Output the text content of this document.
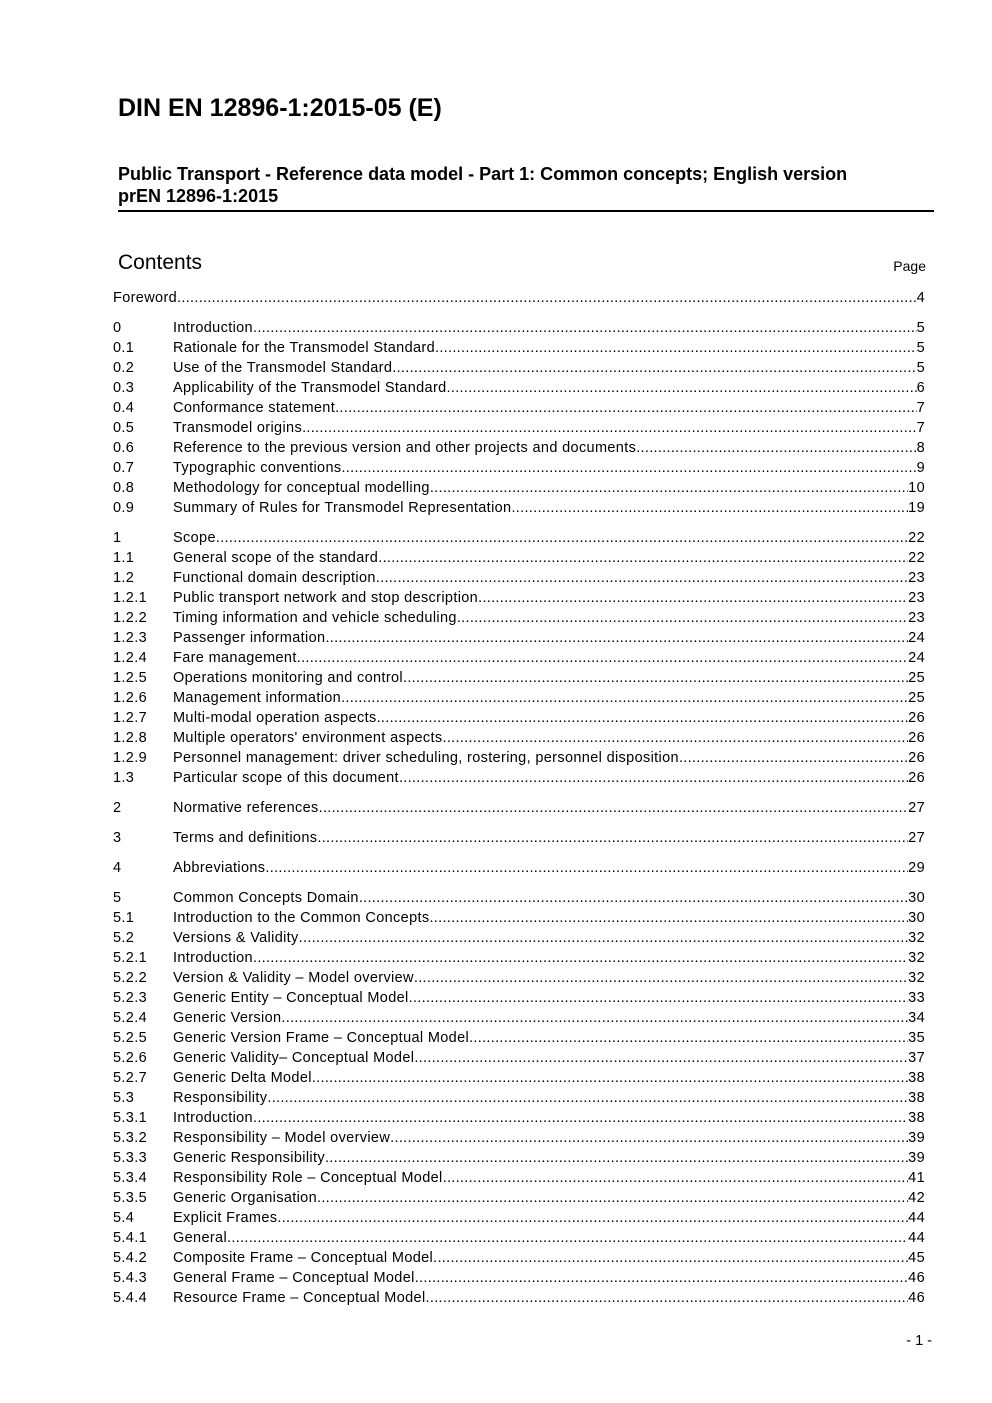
DIN EN 12896-1:2015-05 (E)
Public Transport - Reference data model - Part 1: Common concepts; English version
prEN 12896-1:2015
Contents	Page
Foreword .....	4
0	Introduction .....	5
0.1	Rationale for the Transmodel Standard .....	5
0.2	Use of the Transmodel Standard .....	5
0.3	Applicability of the Transmodel Standard .....	6
0.4	Conformance statement .....	7
0.5	Transmodel origins .....	7
0.6	Reference to the previous version and other projects and documents .....	8
0.7	Typographic conventions .....	9
0.8	Methodology for conceptual modelling .....	10
0.9	Summary of Rules for Transmodel Representation .....	19
1	Scope .....	22
1.1	General scope of the standard .....	22
1.2	Functional domain description .....	23
1.2.1	Public transport network and stop description .....	23
1.2.2	Timing information and vehicle scheduling .....	23
1.2.3	Passenger information .....	24
1.2.4	Fare management .....	24
1.2.5	Operations monitoring and control .....	25
1.2.6	Management information .....	25
1.2.7	Multi-modal operation aspects .....	26
1.2.8	Multiple operators' environment aspects .....	26
1.2.9	Personnel management: driver scheduling, rostering, personnel disposition .....	26
1.3	Particular scope of this document .....	26
2	Normative references .....	27
3	Terms and definitions .....	27
4	Abbreviations .....	29
5	Common Concepts Domain .....	30
5.1	Introduction to the Common Concepts .....	30
5.2	Versions & Validity .....	32
5.2.1	Introduction .....	32
5.2.2	Version & Validity – Model overview .....	32
5.2.3	Generic Entity – Conceptual Model .....	33
5.2.4	Generic Version .....	34
5.2.5	Generic Version Frame – Conceptual Model .....	35
5.2.6	Generic Validity– Conceptual Model .....	37
5.2.7	Generic Delta Model .....	38
5.3	Responsibility .....	38
5.3.1	Introduction .....	38
5.3.2	Responsibility – Model overview .....	39
5.3.3	Generic Responsibility .....	39
5.3.4	Responsibility Role – Conceptual Model .....	41
5.3.5	Generic Organisation .....	42
5.4	Explicit Frames .....	44
5.4.1	General .....	44
5.4.2	Composite Frame – Conceptual Model .....	45
5.4.3	General Frame – Conceptual Model .....	46
5.4.4	Resource Frame – Conceptual Model .....	46
- 1 -
